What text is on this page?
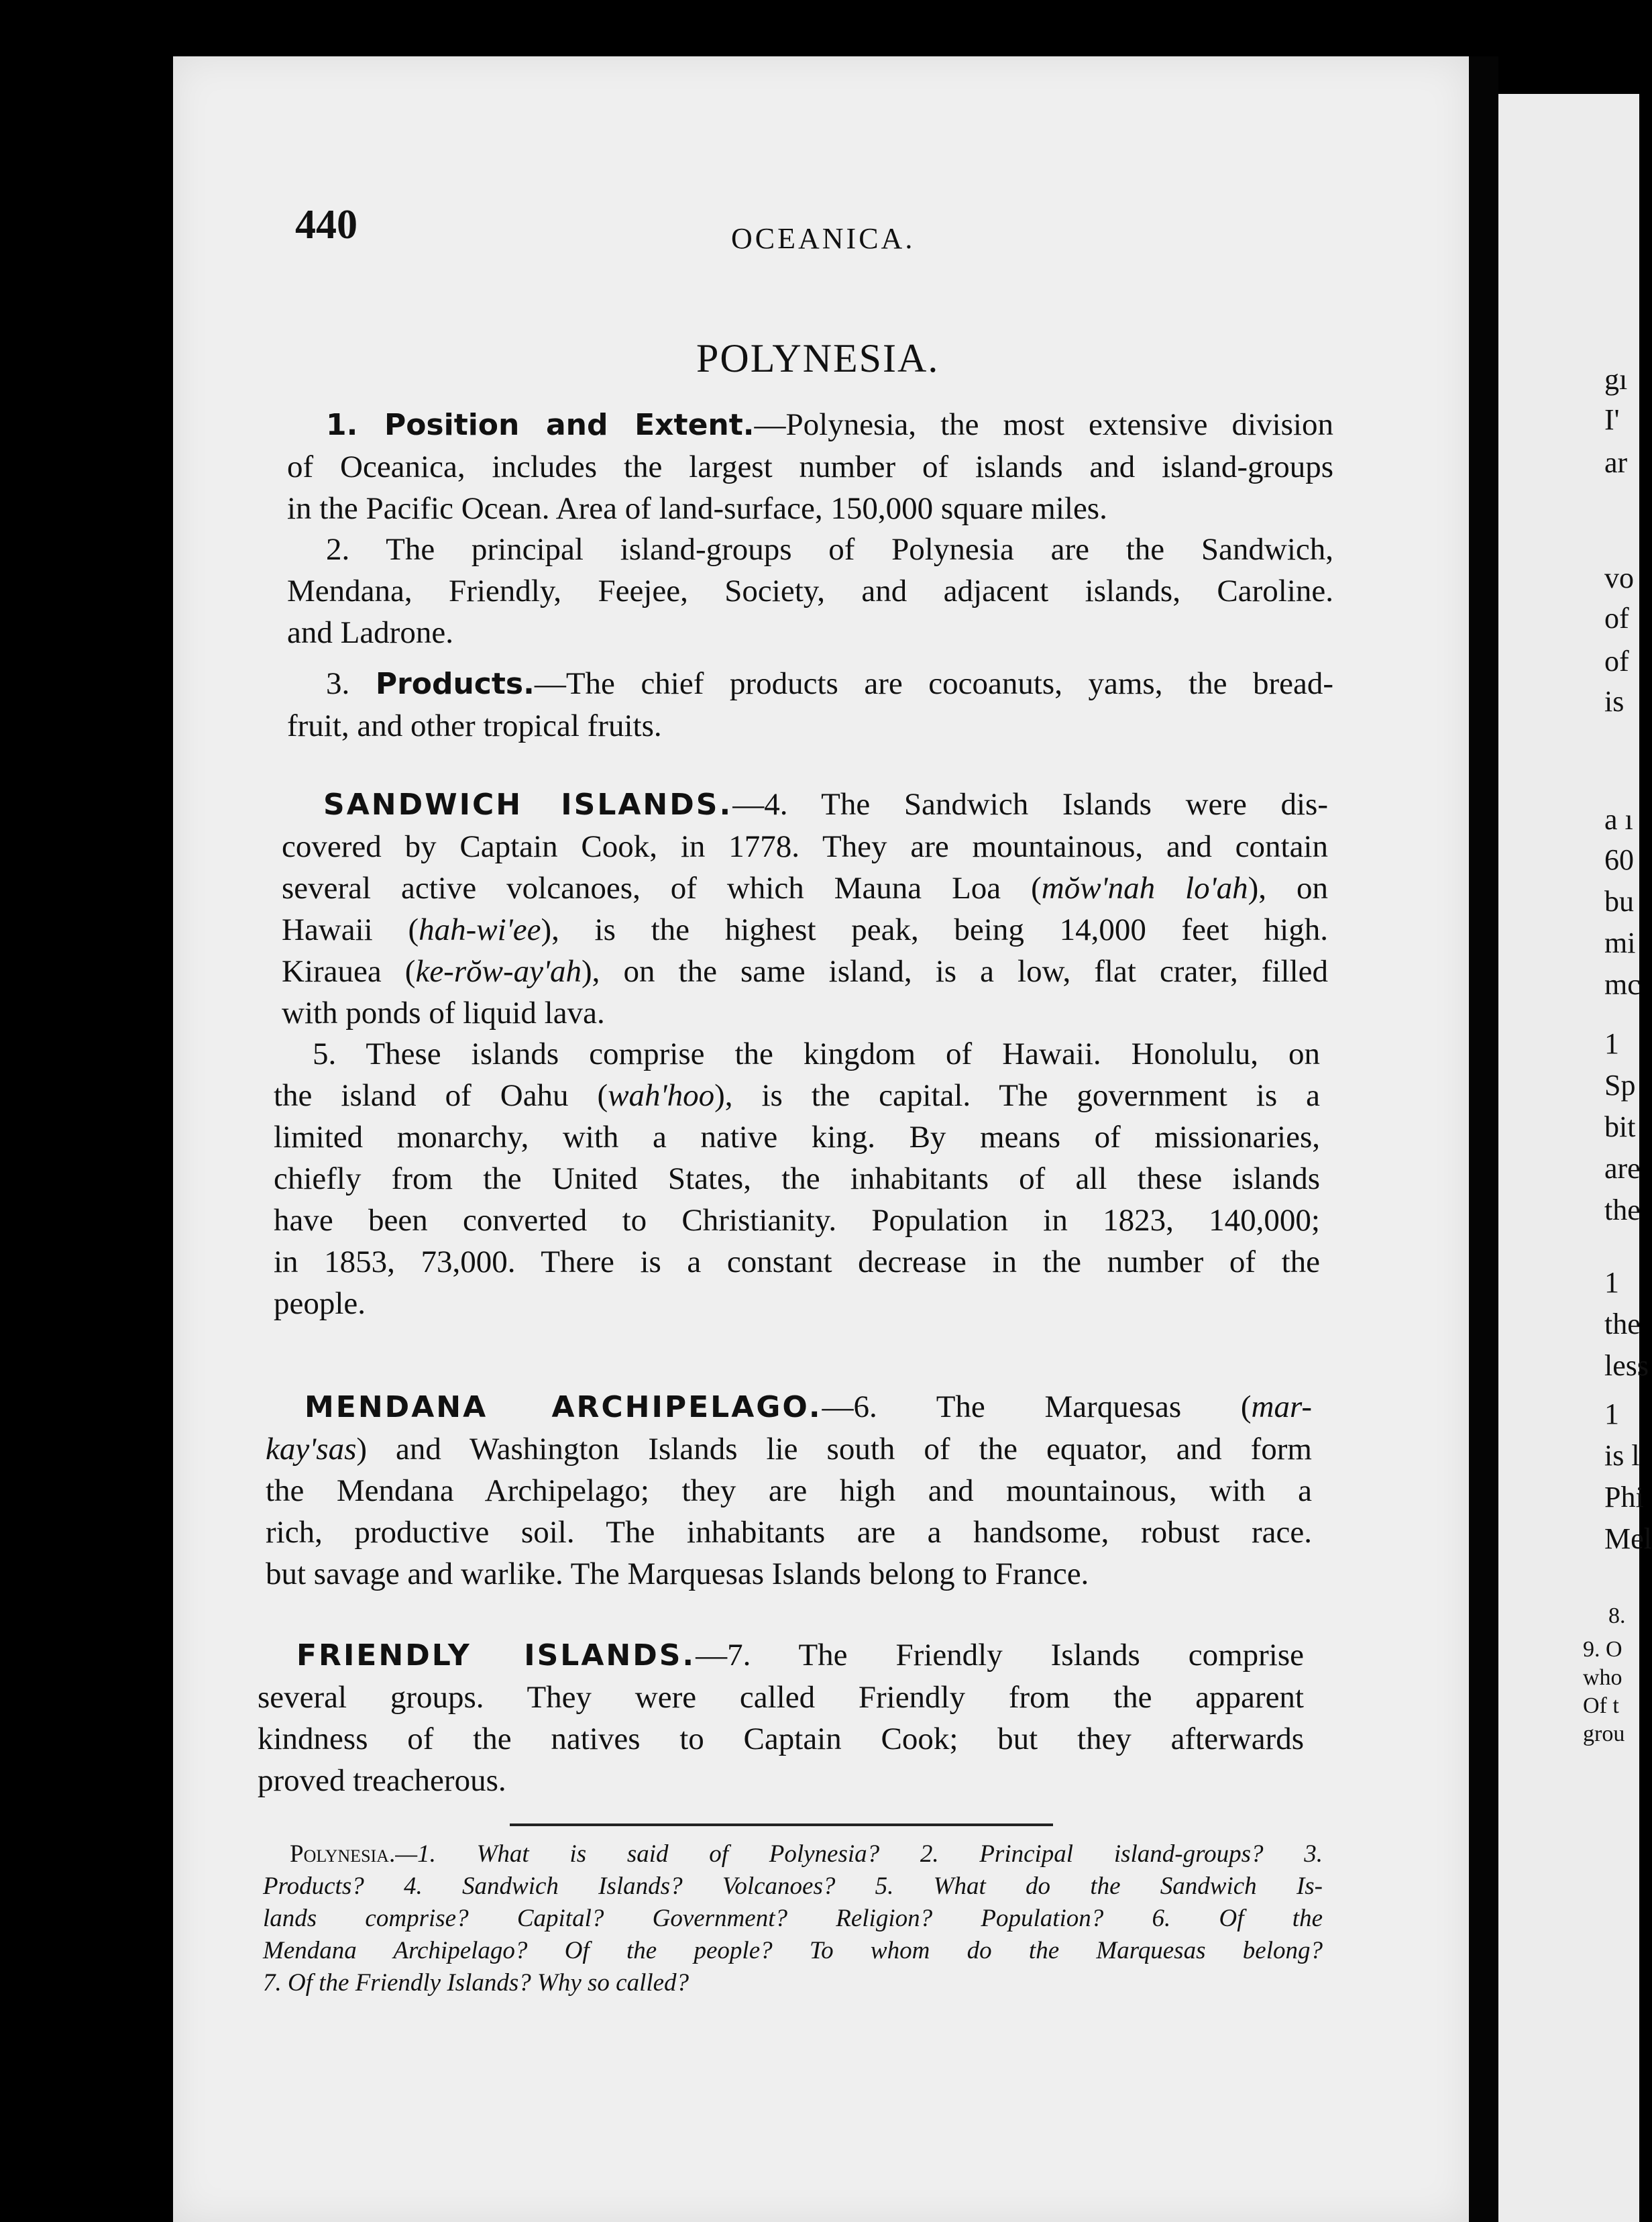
440	OCEANICA.
POLYNESIA.
1. Position and Extent.—Polynesia, the most extensive division
of Oceanica, includes the largest number of islands and island-groups
in the Pacific Ocean. Area of land-surface, 150,000 square miles.
2. The principal island-groups of Polynesia are the Sandwich,
Mendana, Friendly, Feejee, Society, and adjacent islands, Caroline.
and Ladrone.
3. Products.—The chief products are cocoanuts, yams, the bread-
fruit, and other tropical fruits.
SANDWICH ISLANDS.—4. The Sandwich Islands were dis-
covered by Captain Cook, in 1778. They are mountainous, and contain
several active volcanoes, of which Mauna Loa (mŏw'nah lo'ah), on
Hawaii (hah-wi'ee), is the highest peak, being 14,000 feet high.
Kirauea (ke-rŏw-ay'ah), on the same island, is a low, flat crater, filled
with ponds of liquid lava.
5. These islands comprise the kingdom of Hawaii. Honolulu, on
the island of Oahu (wah'hoo), is the capital. The government is a
limited monarchy, with a native king. By means of missionaries,
chiefly from the United States, the inhabitants of all these islands
have been converted to Christianity. Population in 1823, 140,000;
in 1853, 73,000. There is a constant decrease in the number of the
people.
MENDANA ARCHIPELAGO.—6. The Marquesas (mar-
kay'sas) and Washington Islands lie south of the equator, and form
the Mendana Archipelago; they are high and mountainous, with a
rich, productive soil. The inhabitants are a handsome, robust race.
but savage and warlike. The Marquesas Islands belong to France.
FRIENDLY ISLANDS.—7. The Friendly Islands comprise
several groups. They were called Friendly from the apparent
kindness of the natives to Captain Cook; but they afterwards
proved treacherous.
Polynesia.—1. What is said of Polynesia? 2. Principal island-groups? 3.
Products? 4. Sandwich Islands? Volcanoes? 5. What do the Sandwich Is-
lands comprise? Capital? Government? Religion? Population? 6. Of the
Mendana Archipelago? Of the people? To whom do the Marquesas belong?
7. Of the Friendly Islands? Why so called?
gı
I'
ar
vo
of
of
is
a ı
60
bu
mi
mc
1
Sp
bit
are
the
1
the
less
1
is l
Phi
Mel
8.
9. O
who
Of t
grou
